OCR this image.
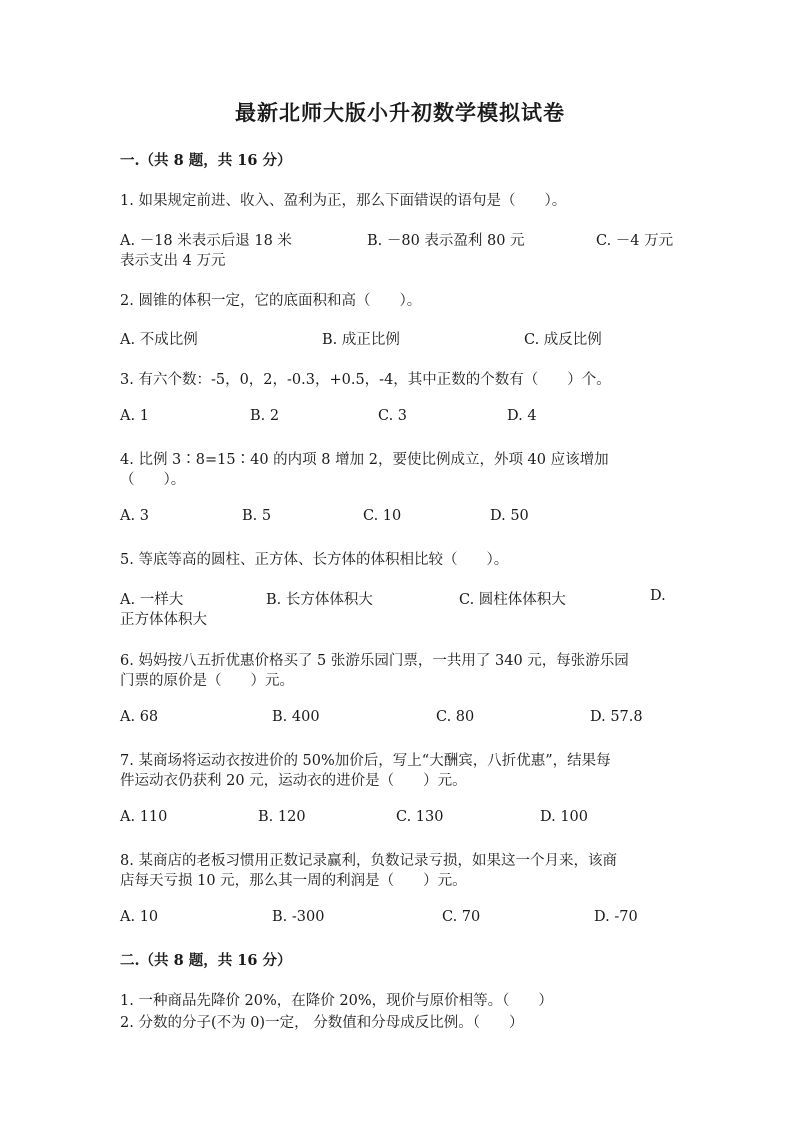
最新北师大版小升初数学模拟试卷
一.（共 8 题，共 16 分）
1. 如果规定前进、收入、盈利为正，那么下面错误的语句是（　　）。
A. －18 米表示后退 18 米	B. －80 表示盈利 80 元	C. －4 万元
表示支出 4 万元
2. 圆锥的体积一定，它的底面积和高（　　）。
A. 不成比例	B. 成正比例	C. 成反比例
3. 有六个数：-5，0，2，-0.3，+0.5，-4，其中正数的个数有（　　）个。
A. 1	B. 2	C. 3	D. 4
4. 比例 3∶8=15∶40 的内项 8 增加 2，要使比例成立，外项 40 应该增加
（　　）。
A. 3	B. 5	C. 10	D. 50
5. 等底等高的圆柱、正方体、长方体的体积相比较（　　）。
A. 一样大	B. 长方体体积大	C. 圆柱体体积大	D.
正方体体积大
6. 妈妈按八五折优惠价格买了 5 张游乐园门票，一共用了 340 元，每张游乐园
门票的原价是（　　）元。
A. 68	B. 400	C. 80	D. 57.8
7. 某商场将运动衣按进价的 50%加价后，写上“大酬宾，八折优惠”，结果每
件运动衣仍获利 20 元，运动衣的进价是（　　）元。
A. 110	B. 120	C. 130	D. 100
8. 某商店的老板习惯用正数记录赢利，负数记录亏损，如果这一个月来，该商
店每天亏损 10 元，那么其一周的利润是（　　）元。
A. 10	B. -300	C. 70	D. -70
二.（共 8 题，共 16 分）
1. 一种商品先降价 20%，在降价 20%，现价与原价相等。（　　）
2. 分数的分子(不为 0)一定， 分数值和分母成反比例。（　　）
